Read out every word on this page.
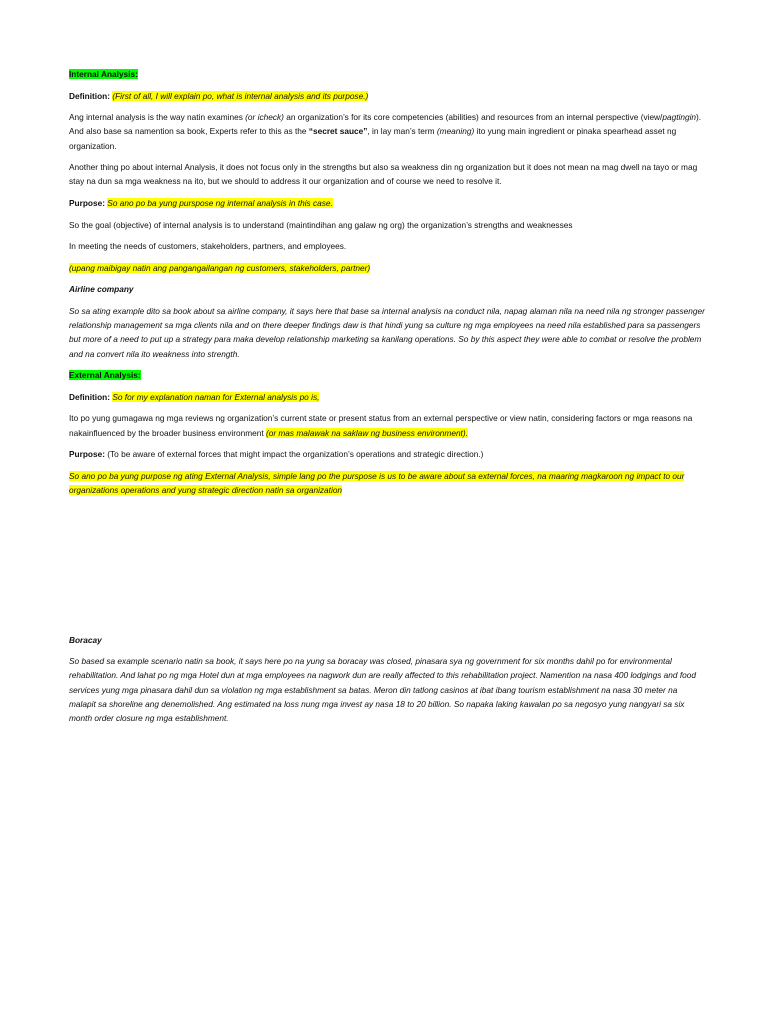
Internal Analysis:

Definition: (First of all, I will explain po, what is internal analysis and its purpose.)

Ang internal analysis is the way natin examines (or icheck) an organization’s for its core competencies (abilities) and resources from an internal perspective (view/pagtingin). And also base sa namention sa book, Experts refer to this as the “secret sauce”, in lay man’s term (meaning) ito yung main ingredient or pinaka spearhead asset ng organization.

Another thing po about internal Analysis, it does not focus only in the strengths but also sa weakness din ng organization but it does not mean na mag dwell na tayo or mag stay na dun sa mga weakness na ito, but we should to address it our organization and of course we need to resolve it.

Purpose: So ano po ba yung purspose ng internal analysis in this case.

So the goal (objective) of internal analysis is to understand (maintindihan ang galaw ng org) the organization’s strengths and weaknesses

In meeting the needs of customers, stakeholders, partners, and employees.

(upang maibigay natin ang pangangailangan ng customers, stakeholders, partner)

Airline company

So sa ating example dito sa book about sa airline company, it says here that base sa internal analysis na conduct nila, napag alaman nila na need nila ng stronger passenger relationship management sa mga clients nila and on there deeper findings daw is that hindi yung sa culture ng mga employees na need nila established para sa passengers but more of a need to put up a strategy para maka develop relationship marketing sa kanilang operations. So by this aspect they were able to combat or resolve the problem and na convert nila ito weakness into strength.

External Analysis:

Definition: So for my explanation naman for External analysis po is,

Ito po yung gumagawa ng mga reviews ng organization’s current state or present status from an external perspective or view natin, considering factors or mga reasons na nakainfluenced by the broader business environment (or mas malawak na saklaw ng business environment).

Purpose: (To be aware of external forces that might impact the organization’s operations and strategic direction.)

So ano po ba yung purpose ng ating External Analysis, simple lang po the purspose is us to be aware about sa external forces, na maaring magkaroon ng impact to our organizations operations and yung strategic direction natin sa organization

Boracay

So based sa example scenario natin sa book, it says here po na yung sa boracay was closed, pinasara sya ng government for six months dahil po for environmental rehabilitation. And lahat po ng mga Hotel dun at mga employees na nagwork dun are really affected to this rehabilitation project. Namention na nasa 400 lodgings and food services yung mga pinasara dahil dun sa violation ng mga establishment sa batas. Meron din tatlong casinos at ibat ibang tourism establishment na nasa 30 meter na malapit sa shoreline ang denemolished. Ang estimated na loss nung mga invest ay nasa 18 to 20 billion. So napaka laking kawalan po sa negosyo yung nangyari sa six month order closure ng mga establishment.
